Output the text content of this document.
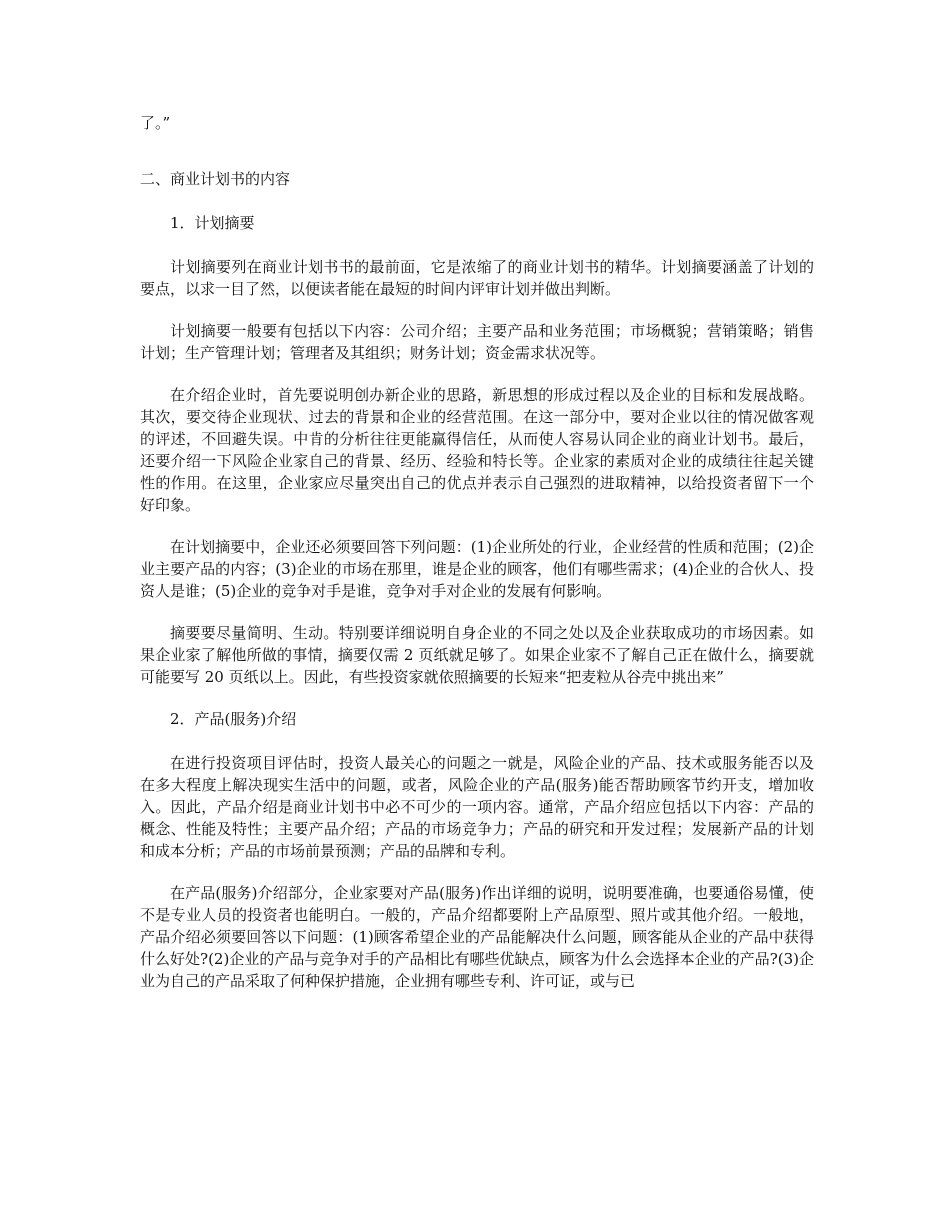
了。”

二、商业计划书的内容

1．计划摘要

计划摘要列在商业计划书书的最前面，它是浓缩了的商业计划书的精华。计划摘要涵盖了计划的要点，以求一目了然，以便读者能在最短的时间内评审计划并做出判断。

计划摘要一般要有包括以下内容：公司介绍；主要产品和业务范围；市场概貌；营销策略；销售计划；生产管理计划；管理者及其组织；财务计划；资金需求状况等。

在介绍企业时，首先要说明创办新企业的思路，新思想的形成过程以及企业的目标和发展战略。其次，要交待企业现状、过去的背景和企业的经营范围。在这一部分中，要对企业以往的情况做客观的评述，不回避失误。中肯的分析往往更能赢得信任，从而使人容易认同企业的商业计划书。最后，还要介绍一下风险企业家自己的背景、经历、经验和特长等。企业家的素质对企业的成绩往往起关键性的作用。在这里，企业家应尽量突出自己的优点并表示自己强烈的进取精神，以给投资者留下一个好印象。

在计划摘要中，企业还必须要回答下列问题：(1)企业所处的行业，企业经营的性质和范围；(2)企业主要产品的内容；(3)企业的市场在那里，谁是企业的顾客，他们有哪些需求；(4)企业的合伙人、投资人是谁；(5)企业的竞争对手是谁，竞争对手对企业的发展有何影响。

摘要要尽量简明、生动。特别要详细说明自身企业的不同之处以及企业获取成功的市场因素。如果企业家了解他所做的事情，摘要仅需 2 页纸就足够了。如果企业家不了解自己正在做什么，摘要就可能要写 20 页纸以上。因此，有些投资家就依照摘要的长短来“把麦粒从谷壳中挑出来”

2．产品(服务)介绍

在进行投资项目评估时，投资人最关心的问题之一就是，风险企业的产品、技术或服务能否以及在多大程度上解决现实生活中的问题，或者，风险企业的产品(服务)能否帮助顾客节约开支，增加收入。因此，产品介绍是商业计划书中必不可少的一项内容。通常，产品介绍应包括以下内容：产品的概念、性能及特性；主要产品介绍；产品的市场竞争力；产品的研究和开发过程；发展新产品的计划和成本分析；产品的市场前景预测；产品的品牌和专利。

在产品(服务)介绍部分，企业家要对产品(服务)作出详细的说明，说明要准确，也要通俗易懂，使不是专业人员的投资者也能明白。一般的，产品介绍都要附上产品原型、照片或其他介绍。一般地，产品介绍必须要回答以下问题：(1)顾客希望企业的产品能解决什么问题，顾客能从企业的产品中获得什么好处?(2)企业的产品与竞争对手的产品相比有哪些优缺点，顾客为什么会选择本企业的产品?(3)企业为自己的产品采取了何种保护措施，企业拥有哪些专利、许可证，或与已
